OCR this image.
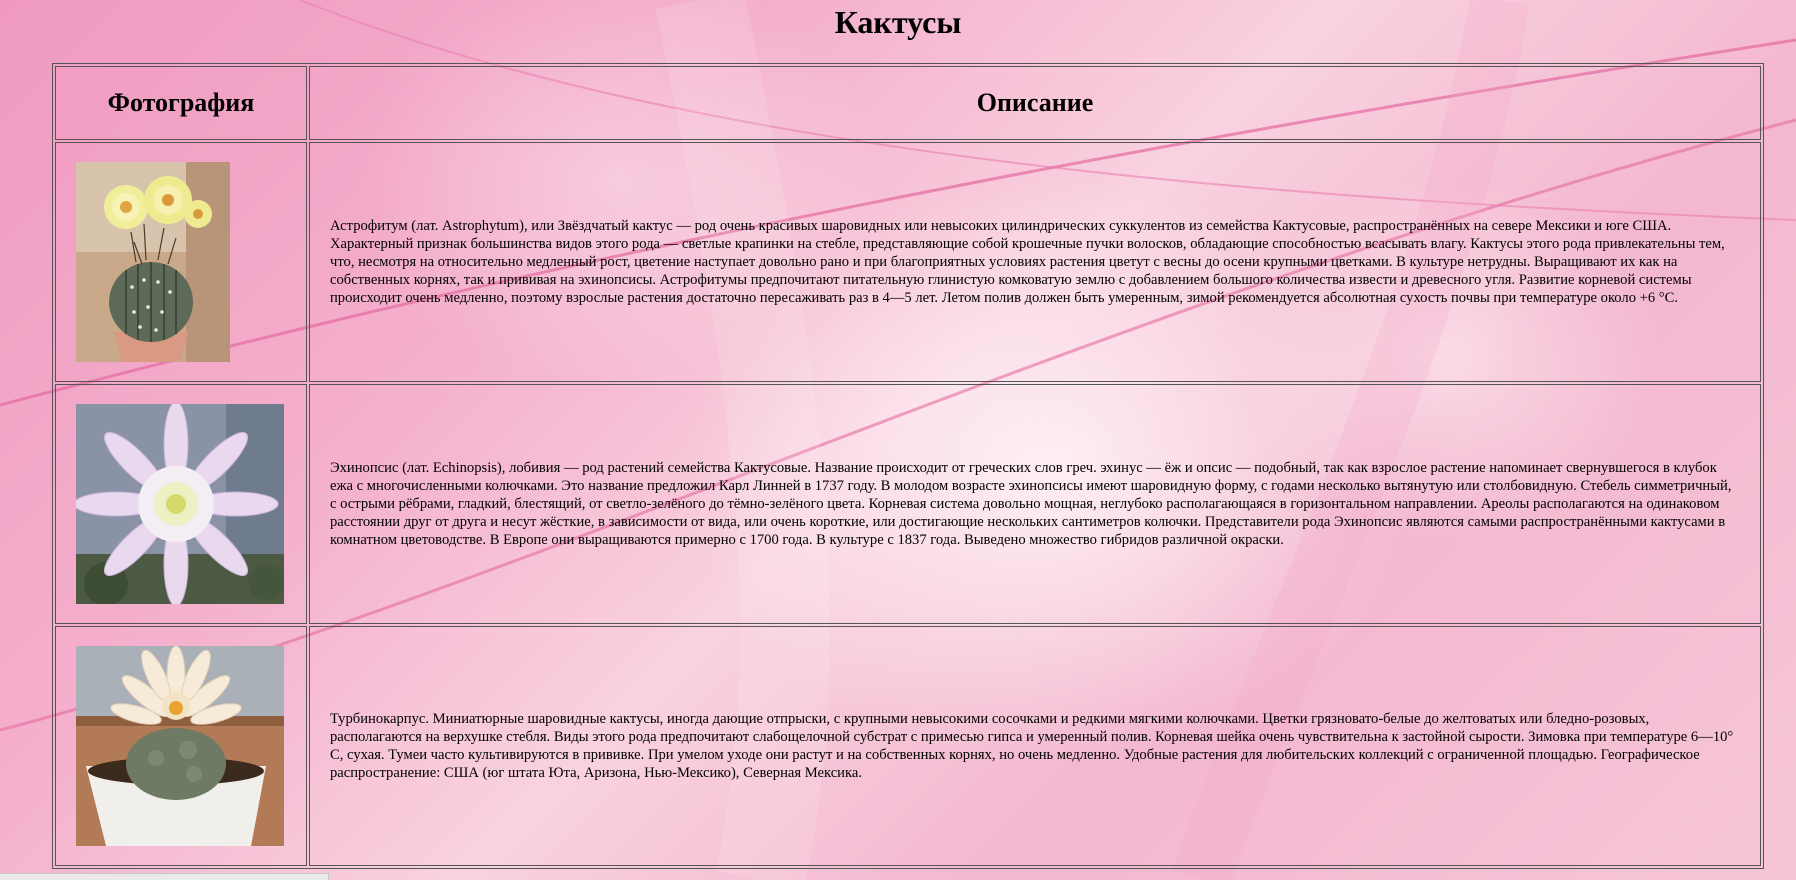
Кактусы
Фотография	Описание

	Астрофитум (лат. Astrophytum), или Звёздчатый кактус — род очень красивых шаровидных или невысоких цилиндрических суккулентов из семейства Кактусовые, распространённых на севере Мексики и юге США. Характерный признак большинства видов этого рода — светлые крапинки на стебле, представляющие собой крошечные пучки волосков, обладающие способностью всасывать влагу. Кактусы этого рода привлекательны тем, что, несмотря на относительно медленный рост, цветение наступает довольно рано и при благоприятных условиях растения цветут с весны до осени крупными цветками. В культуре нетрудны. Выращивают их как на собственных корнях, так и прививая на эхинопсисы. Астрофитумы предпочитают питательную глинистую комковатую землю с добавлением большого количества извести и древесного угля. Развитие корневой системы происходит очень медленно, поэтому взрослые растения достаточно пересаживать раз в 4—5 лет. Летом полив должен быть умеренным, зимой рекомендуется абсолютная сухость почвы при температуре около +6 °С.

	Эхинопсис (лат. Echinopsis), лобивия — род растений семейства Кактусовые. Название происходит от греческих слов греч. эхинус — ёж и опсис — подобный, так как взрослое растение напоминает свернувшегося в клубок ежа с многочисленными колючками. Это название предложил Карл Линней в 1737 году. В молодом возрасте эхинопсисы имеют шаровидную форму, с годами несколько вытянутую или столбовидную. Стебель симметричный, с острыми рёбрами, гладкий, блестящий, от светло-зелёного до тёмно-зелёного цвета. Корневая система довольно мощная, неглубоко располагающаяся в горизонтальном направлении. Ареолы располагаются на одинаковом расстоянии друг от друга и несут жёсткие, в зависимости от вида, или очень короткие, или достигающие нескольких сантиметров колючки. Представители рода Эхинопсис являются самыми распространёнными кактусами в комнатном цветоводстве. В Европе они выращиваются примерно с 1700 года. В культуре с 1837 года. Выведено множество гибридов различной окраски.

	Турбинокарпус. Миниатюрные шаровидные кактусы, иногда дающие отпрыски, с крупными невысокими сосочками и редкими мягкими колючками. Цветки грязновато-белые до желтоватых или бледно-розовых, располагаются на верхушке стебля. Виды этого рода предпочитают слабощелочной субстрат с примесью гипса и умеренный полив. Корневая шейка очень чувствительна к застойной сырости. Зимовка при температуре 6—10° С, сухая. Тумеи часто культивируются в прививке. При умелом уходе они растут и на собственных корнях, но очень медленно. Удобные растения для любительских коллекций с ограниченной площадью. Географическое распространение: США (юг штата Юта, Аризона, Нью-Мексико), Северная Мексика.
